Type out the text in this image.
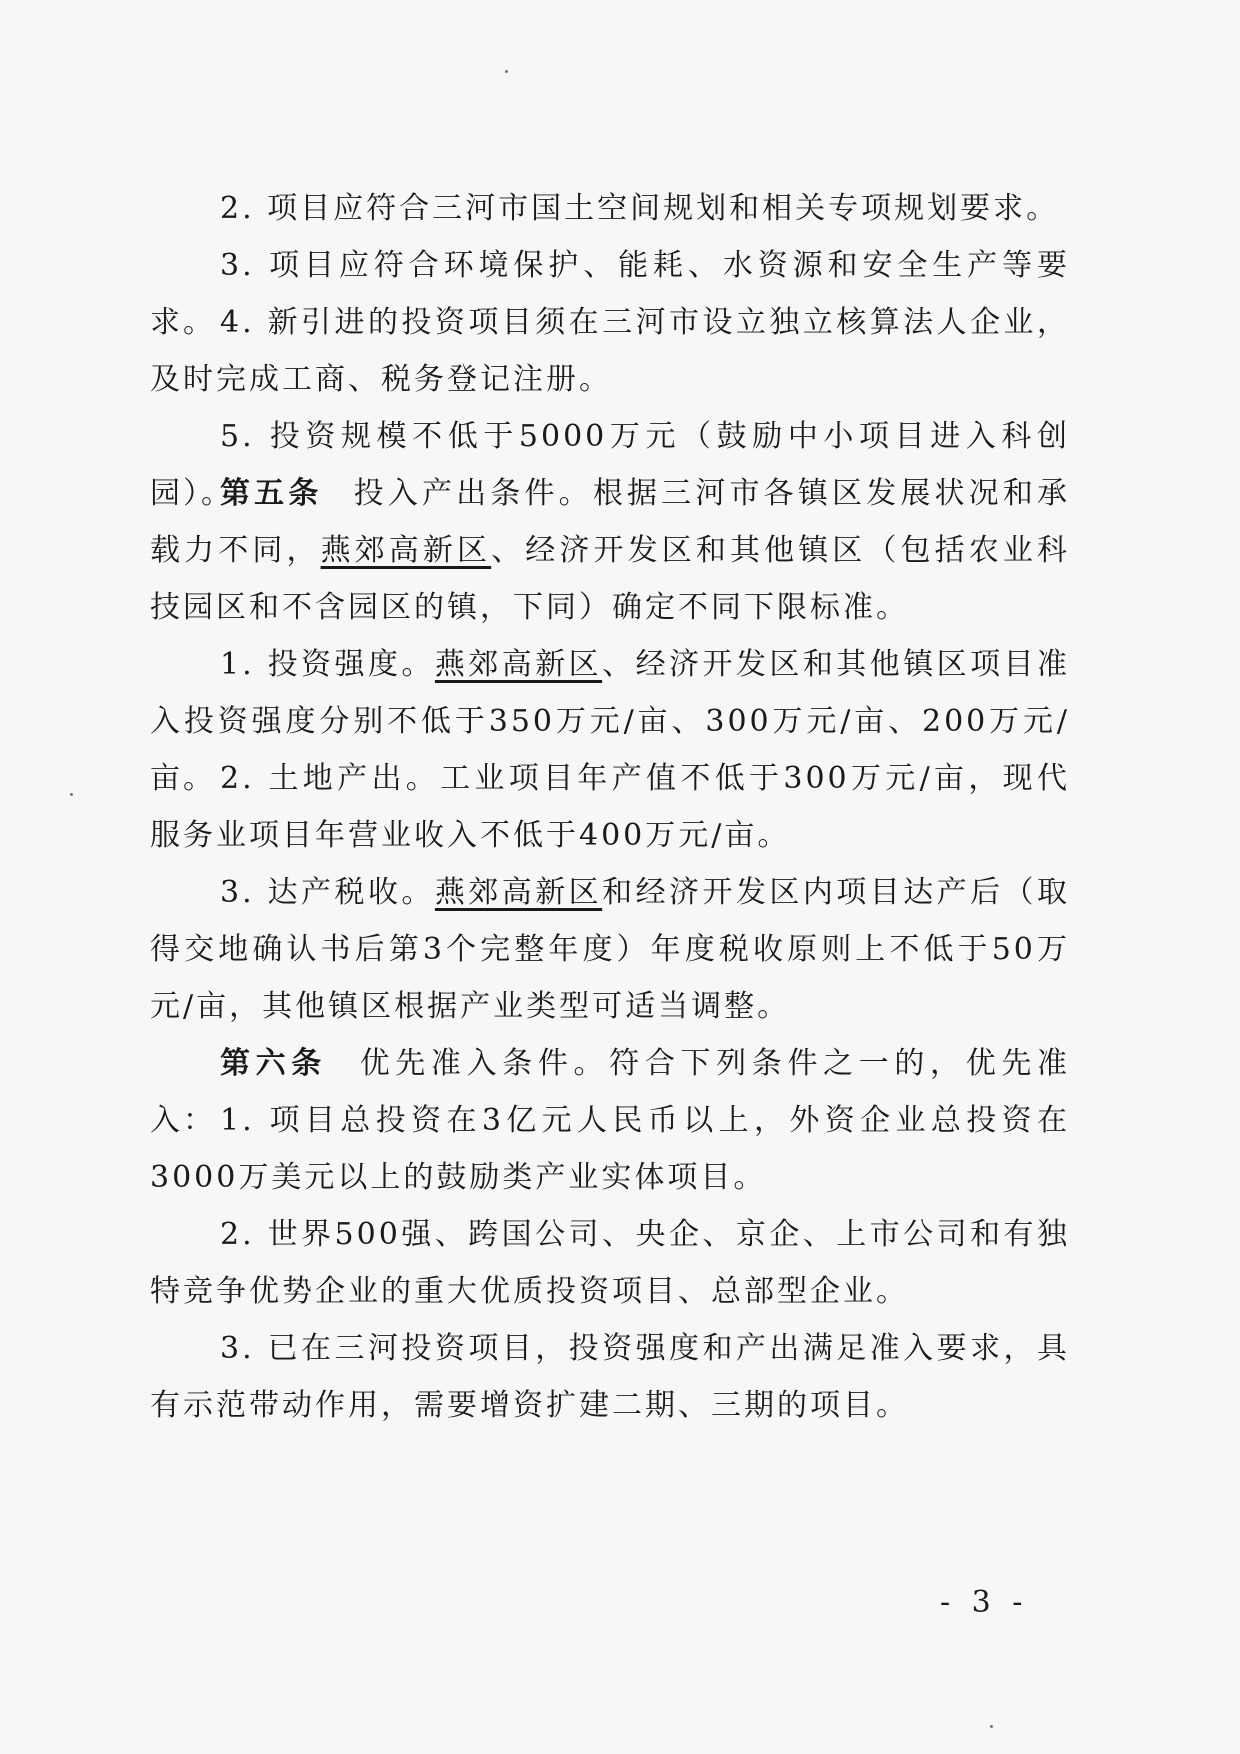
2. 项目应符合三河市国土空间规划和相关专项规划要求。

3. 项目应符合环境保护、能耗、水资源和安全生产等要求。 4. 新引进的投资项目须在三河市设立独立核算法人企业，及时完成工商、税务登记注册。

5. 投资规模不低于5000万元（鼓励中小项目进入科创园）。

第五条 投入产出条件。根据三河市各镇区发展状况和承载力不同，燕郊高新区、经济开发区和其他镇区（包括农业科技园区和不含园区的镇，下同）确定不同下限标准。

1. 投资强度。燕郊高新区、经济开发区和其他镇区项目准入投资强度分别不低于350万元/亩、300万元/亩、200万元/亩。 2. 土地产出。工业项目年产值不低于300万元/亩，现代服务业项目年营业收入不低于400万元/亩。

3. 达产税收。燕郊高新区和经济开发区内项目达产后（取得交地确认书后第3个完整年度）年度税收原则上不低于50万元/亩，其他镇区根据产业类型可适当调整。

第六条 优先准入条件。符合下列条件之一的，优先准入： 1. 项目总投资在3亿元人民币以上，外资企业总投资在3000万美元以上的鼓励类产业实体项目。

2. 世界500强、跨国公司、央企、京企、上市公司和有独特竞争优势企业的重大优质投资项目、总部型企业。

3. 已在三河投资项目，投资强度和产出满足准入要求，具有示范带动作用，需要增资扩建二期、三期的项目。

- 3 -
